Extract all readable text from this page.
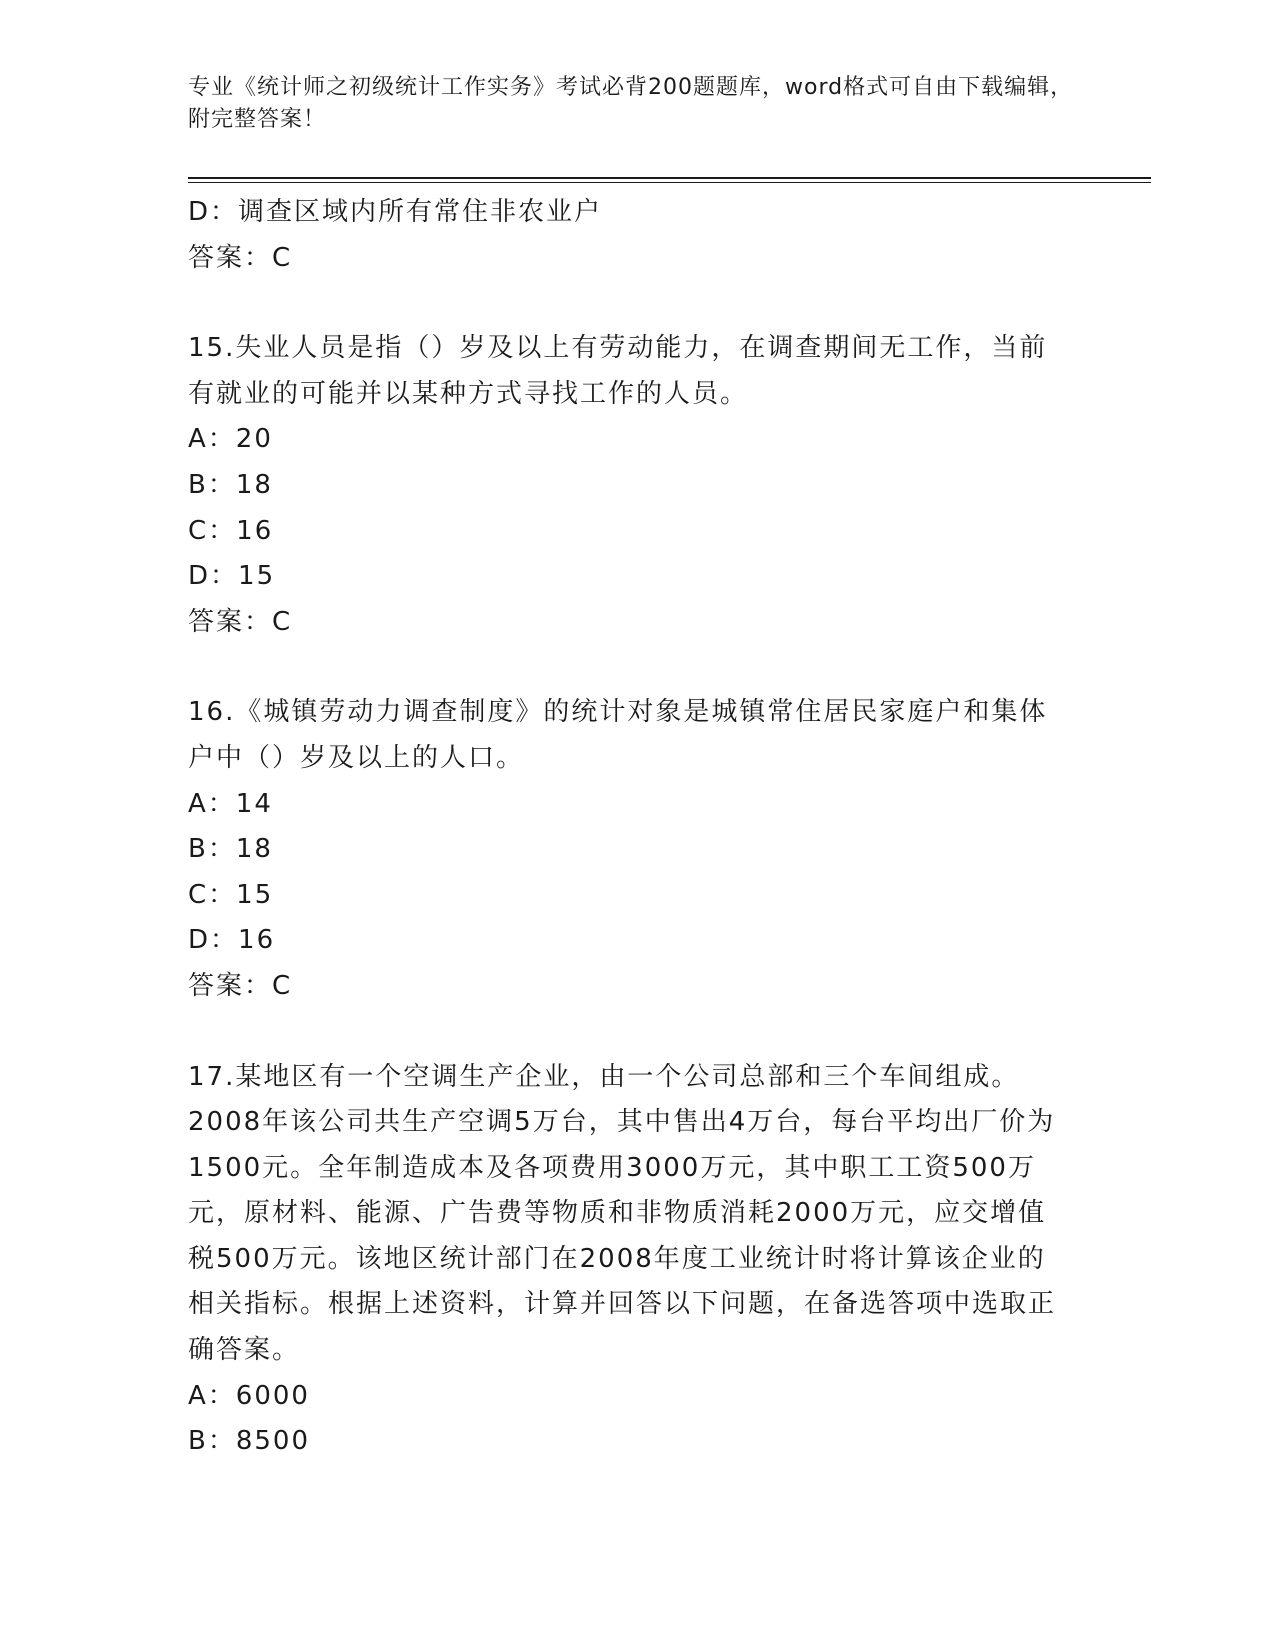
专业《统计师之初级统计工作实务》考试必背200题题库，word格式可自由下载编辑，附完整答案！
D：调查区域内所有常住非农业户
答案：C
15.失业人员是指（）岁及以上有劳动能力，在调查期间无工作，当前有就业的可能并以某种方式寻找工作的人员。
A：20
B：18
C：16
D：15
答案：C
16.《城镇劳动力调查制度》的统计对象是城镇常住居民家庭户和集体户中（）岁及以上的人口。
A：14
B：18
C：15
D：16
答案：C
17.某地区有一个空调生产企业，由一个公司总部和三个车间组成。2008年该公司共生产空调5万台，其中售出4万台，每台平均出厂价为1500元。全年制造成本及各项费用3000万元，其中职工工资500万元，原材料、能源、广告费等物质和非物质消耗2000万元，应交增值税500万元。该地区统计部门在2008年度工业统计时将计算该企业的相关指标。根据上述资料，计算并回答以下问题，在备选答项中选取正确答案。
A：6000
B：8500
